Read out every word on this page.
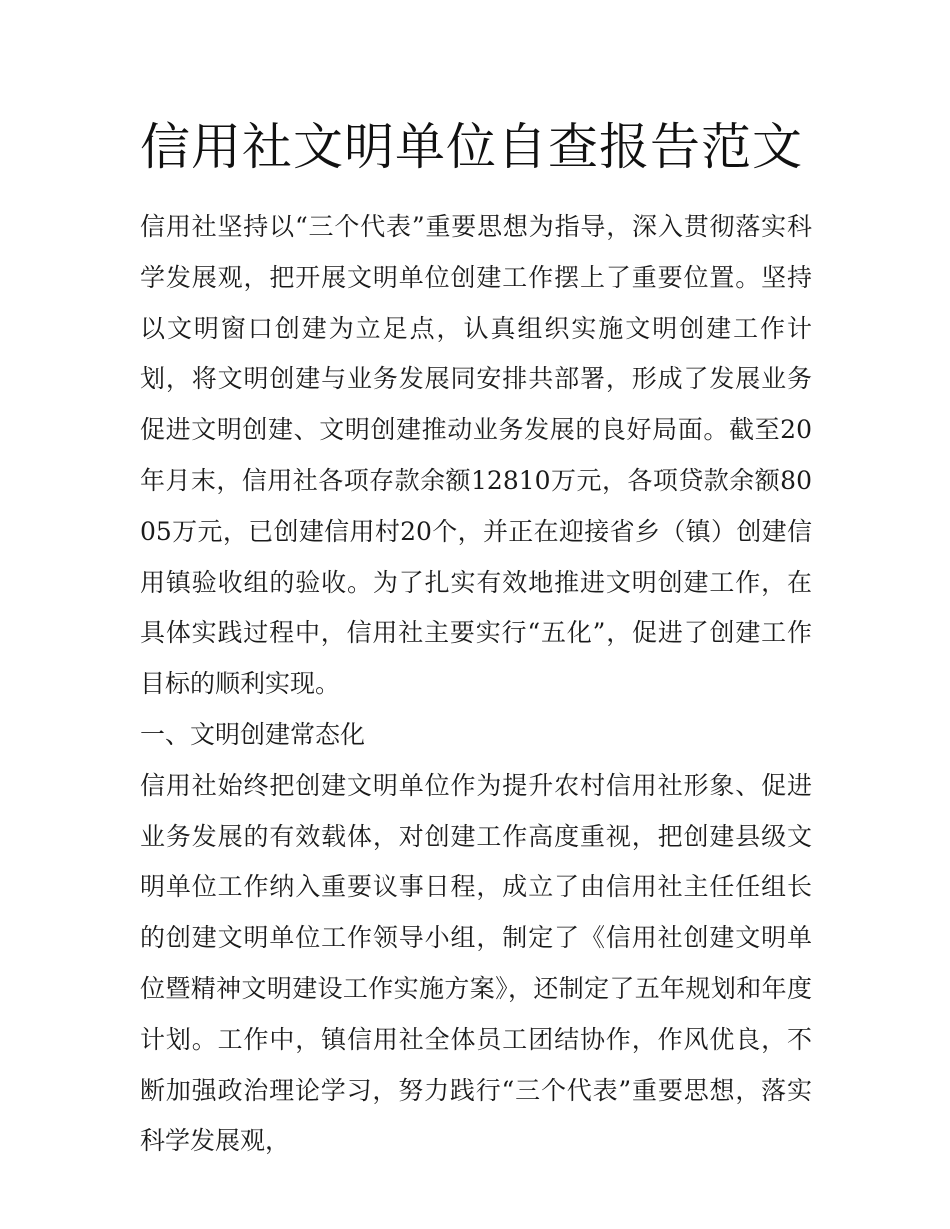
信用社文明单位自查报告范文

信用社坚持以“三个代表”重要思想为指导，深入贯彻落实科学发展观，把开展文明单位创建工作摆上了重要位置。坚持以文明窗口创建为立足点，认真组织实施文明创建工作计划，将文明创建与业务发展同安排共部署，形成了发展业务促进文明创建、文明创建推动业务发展的良好局面。截至20年月末，信用社各项存款余额12810万元，各项贷款余额8005万元，已创建信用村20个，并正在迎接省乡（镇）创建信用镇验收组的验收。为了扎实有效地推进文明创建工作，在具体实践过程中，信用社主要实行“五化”，促进了创建工作目标的顺利实现。

一、文明创建常态化

信用社始终把创建文明单位作为提升农村信用社形象、促进业务发展的有效载体，对创建工作高度重视，把创建县级文明单位工作纳入重要议事日程，成立了由信用社主任任组长的创建文明单位工作领导小组，制定了《信用社创建文明单位暨精神文明建设工作实施方案》，还制定了五年规划和年度计划。工作中，镇信用社全体员工团结协作，作风优良，不断加强政治理论学习，努力践行“三个代表”重要思想，落实科学发展观，
